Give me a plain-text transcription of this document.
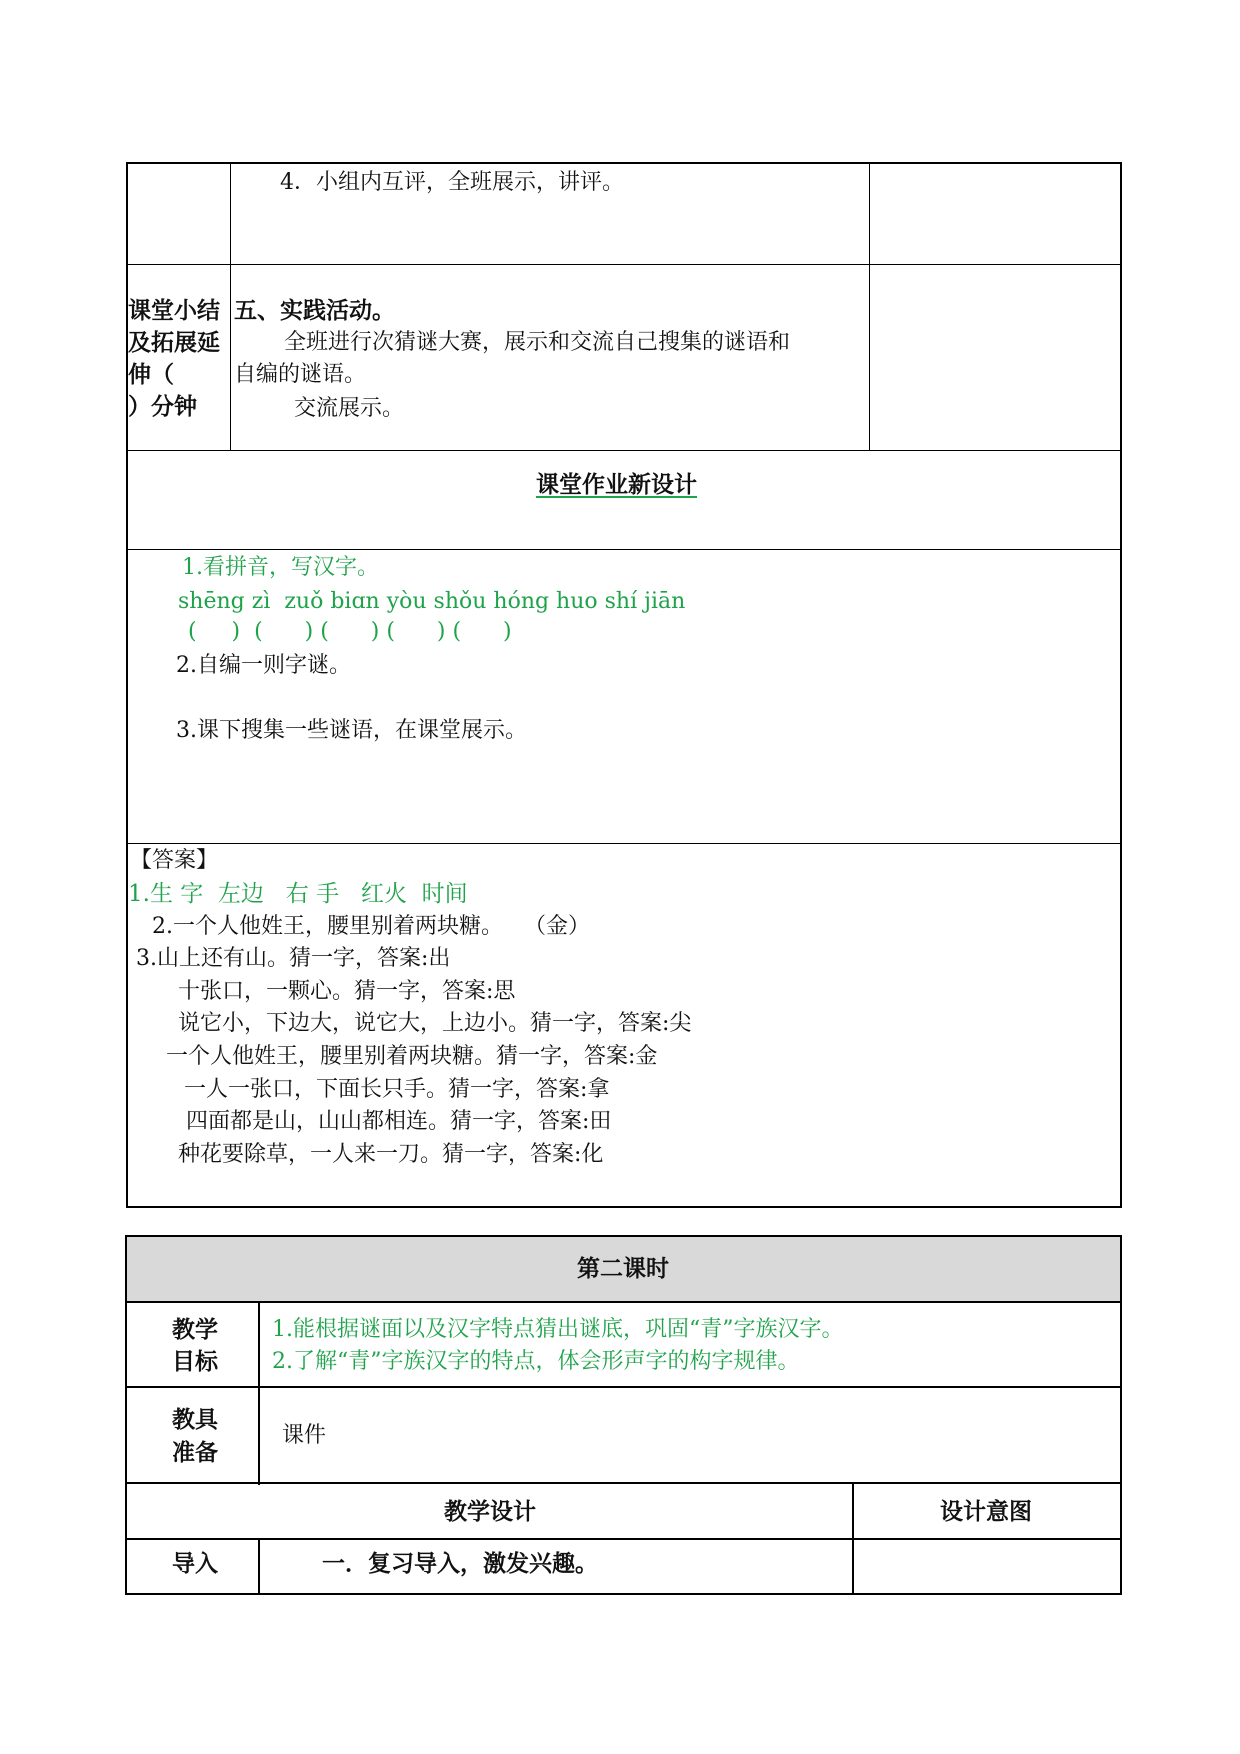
4．小组内互评，全班展示，讲评。
课堂小结
及拓展延
伸（
）分钟
五、实践活动。
全班进行次猜谜大赛，展示和交流自己搜集的谜语和
自编的谜语。
交流展示。
课堂作业新设计
1.看拼音，写汉字。
shēng zì  zuǒ biɑn yòu shǒu hóng huo shí jiān
(     )  (      ) (      ) (      ) (      )
2.自编一则字谜。
3.课下搜集一些谜语，在课堂展示。
【答案】
1.生 字  左边   右 手   红火  时间
2.一个人他姓王，腰里别着两块糖。   （金）
3.山上还有山。猜一字，答案:出
十张口，一颗心。猜一字，答案:思
说它小，下边大，说它大，上边小。猜一字，答案:尖
一个人他姓王，腰里别着两块糖。猜一字，答案:金
一人一张口，下面长只手。猜一字，答案:拿
四面都是山，山山都相连。猜一字，答案:田
种花要除草，一人来一刀。猜一字，答案:化
第二课时
教学
目标
1.能根据谜面以及汉字特点猜出谜底，巩固“青”字族汉字。
2.了解“青”字族汉字的特点，体会形声字的构字规律。
教具
准备
课件
教学设计	设计意图
导入	一．复习导入，激发兴趣。
